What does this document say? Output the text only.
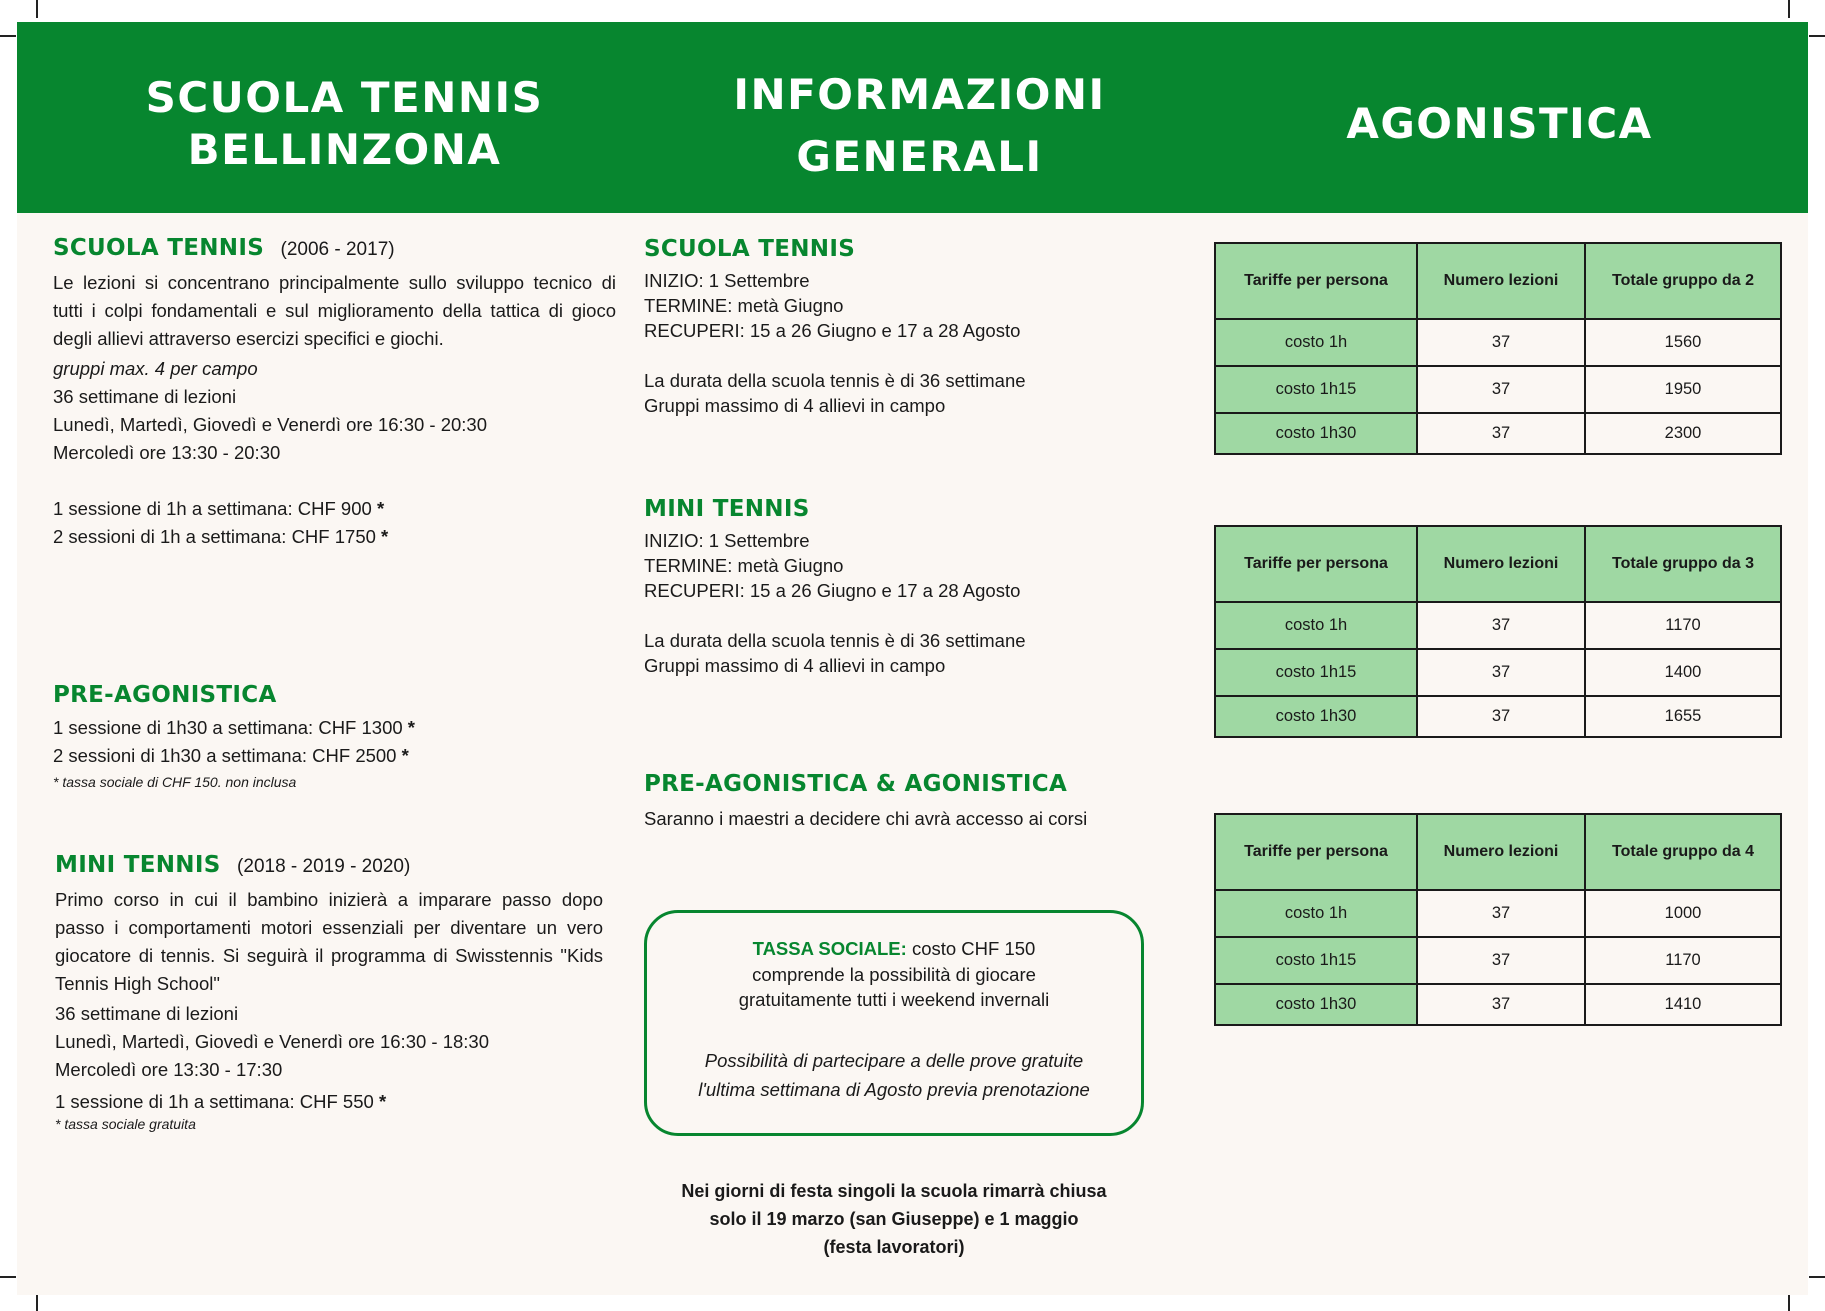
SCUOLA TENNIS
BELLINZONA
INFORMAZIONI
GENERALI
AGONISTICA
SCUOLA TENNIS (2006 - 2017)
Le lezioni si concentrano principalmente sullo sviluppo tecnico di tutti i colpi fondamentali e sul miglioramento della tattica di gioco degli allievi attraverso esercizi specifici e giochi.
gruppi max. 4 per campo
36 settimane di lezioni
Lunedì, Martedì, Giovedì e Venerdì ore 16:30 - 20:30
Mercoledì ore 13:30 - 20:30
1 sessione di 1h a settimana: CHF 900 *
2 sessioni di 1h a settimana: CHF 1750 *
PRE-AGONISTICA
1 sessione di 1h30 a settimana: CHF 1300 *
2 sessioni di 1h30 a settimana: CHF 2500 *
* tassa sociale di CHF 150. non inclusa
MINI TENNIS (2018 - 2019 - 2020)
Primo corso in cui il bambino inizierà a imparare passo dopo passo i comportamenti motori essenziali per diventare un vero giocatore di tennis. Si seguirà il programma di Swisstennis "Kids Tennis High School"
36 settimane di lezioni
Lunedì, Martedì, Giovedì e Venerdì ore 16:30 - 18:30
Mercoledì ore 13:30 - 17:30
1 sessione di 1h a settimana: CHF 550 *
* tassa sociale gratuita
SCUOLA TENNIS
INIZIO: 1 Settembre
TERMINE: metà Giugno
RECUPERI: 15 a 26 Giugno e 17 a 28 Agosto
La durata della scuola tennis è di 36 settimane
Gruppi massimo di 4 allievi in campo
MINI TENNIS
INIZIO: 1 Settembre
TERMINE: metà Giugno
RECUPERI: 15 a 26 Giugno e 17 a 28 Agosto
La durata della scuola tennis è di 36 settimane
Gruppi massimo di 4 allievi in campo
PRE-AGONISTICA & AGONISTICA
Saranno i maestri a decidere chi avrà accesso ai corsi
TASSA SOCIALE: costo CHF 150
comprende la possibilità di giocare
gratuitamente tutti i weekend invernali
Possibilità di partecipare a delle prove gratuite
l'ultima settimana di Agosto previa prenotazione
Nei giorni di festa singoli la scuola rimarrà chiusa
solo il 19 marzo (san Giuseppe) e 1 maggio
(festa lavoratori)
Tariffe per persona	Numero lezioni	Totale gruppo da 2
costo 1h	37	1560
costo 1h15	37	1950
costo 1h30	37	2300
Tariffe per persona	Numero lezioni	Totale gruppo da 3
costo 1h	37	1170
costo 1h15	37	1400
costo 1h30	37	1655
Tariffe per persona	Numero lezioni	Totale gruppo da 4
costo 1h	37	1000
costo 1h15	37	1170
costo 1h30	37	1410
